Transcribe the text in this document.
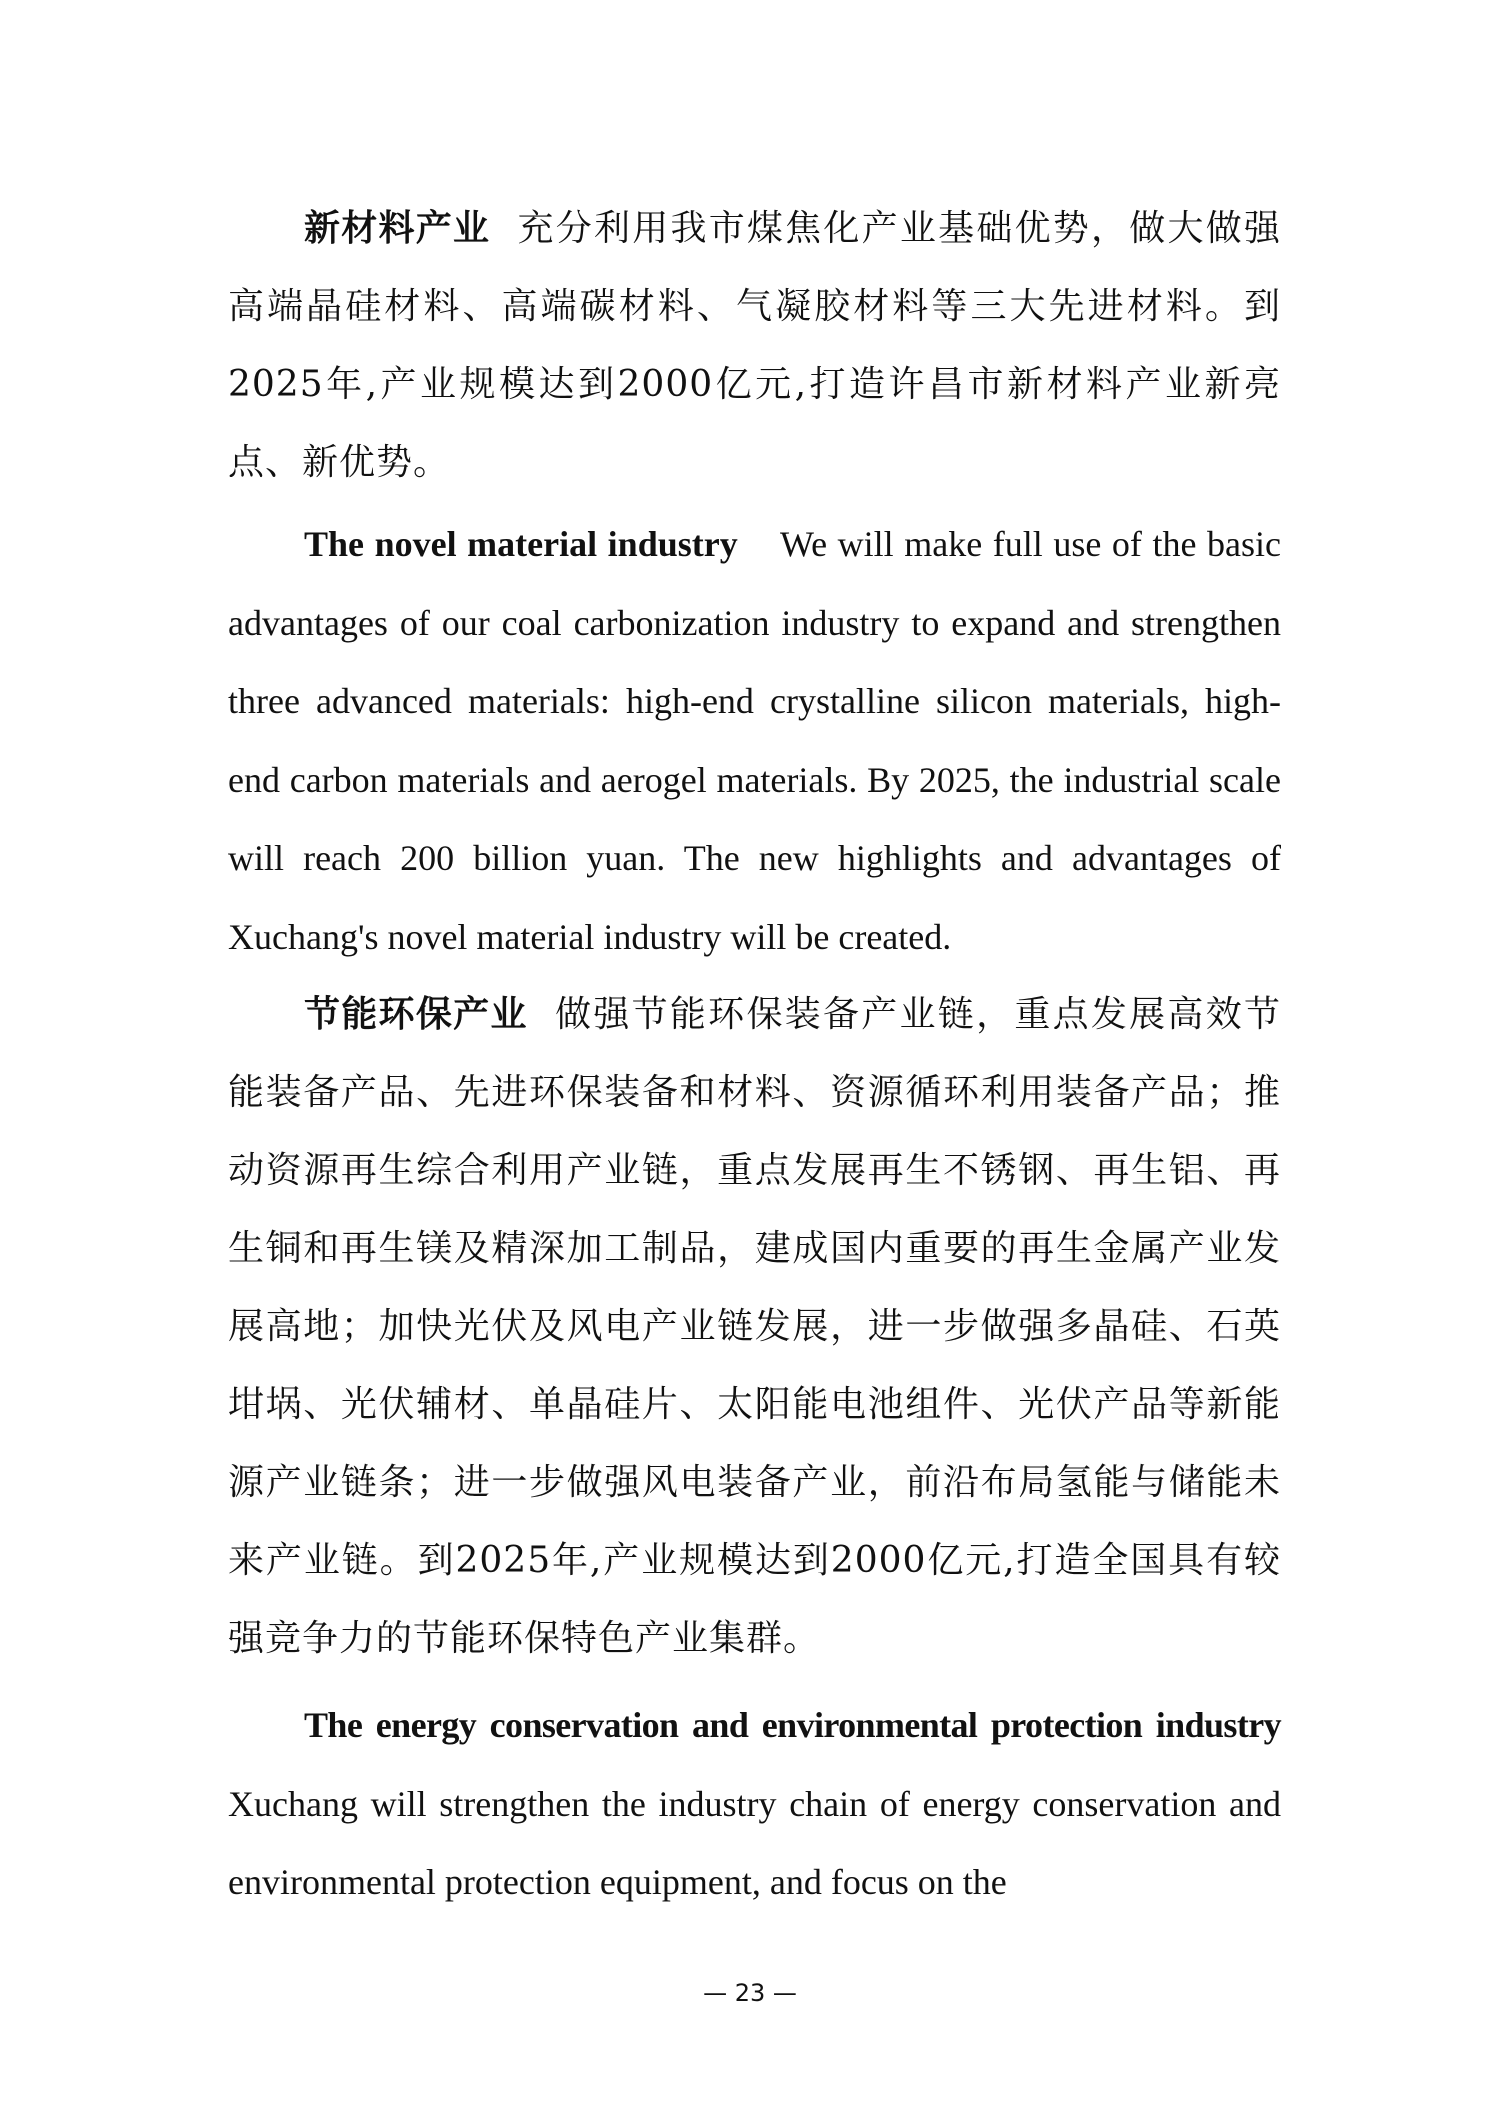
新材料产业 充分利用我市煤焦化产业基础优势，做大做强高端晶硅材料、高端碳材料、气凝胶材料等三大先进材料。到2025年,产业规模达到2000亿元,打造许昌市新材料产业新亮点、新优势。

The novel material industry We will make full use of the basic advantages of our coal carbonization industry to expand and strengthen three advanced materials: high-end crystalline silicon materials, high-end carbon materials and aerogel materials. By 2025, the industrial scale will reach 200 billion yuan. The new highlights and advantages of Xuchang's novel material industry will be created.

节能环保产业 做强节能环保装备产业链，重点发展高效节能装备产品、先进环保装备和材料、资源循环利用装备产品；推动资源再生综合利用产业链，重点发展再生不锈钢、再生铝、再生铜和再生镁及精深加工制品，建成国内重要的再生金属产业发展高地；加快光伏及风电产业链发展，进一步做强多晶硅、石英坩埚、光伏辅材、单晶硅片、太阳能电池组件、光伏产品等新能源产业链条；进一步做强风电装备产业，前沿布局氢能与储能未来产业链。到2025年,产业规模达到2000亿元,打造全国具有较强竞争力的节能环保特色产业集群。

The energy conservation and environmental protection industry Xuchang will strengthen the industry chain of energy conservation and environmental protection equipment, and focus on the

— 23 —
